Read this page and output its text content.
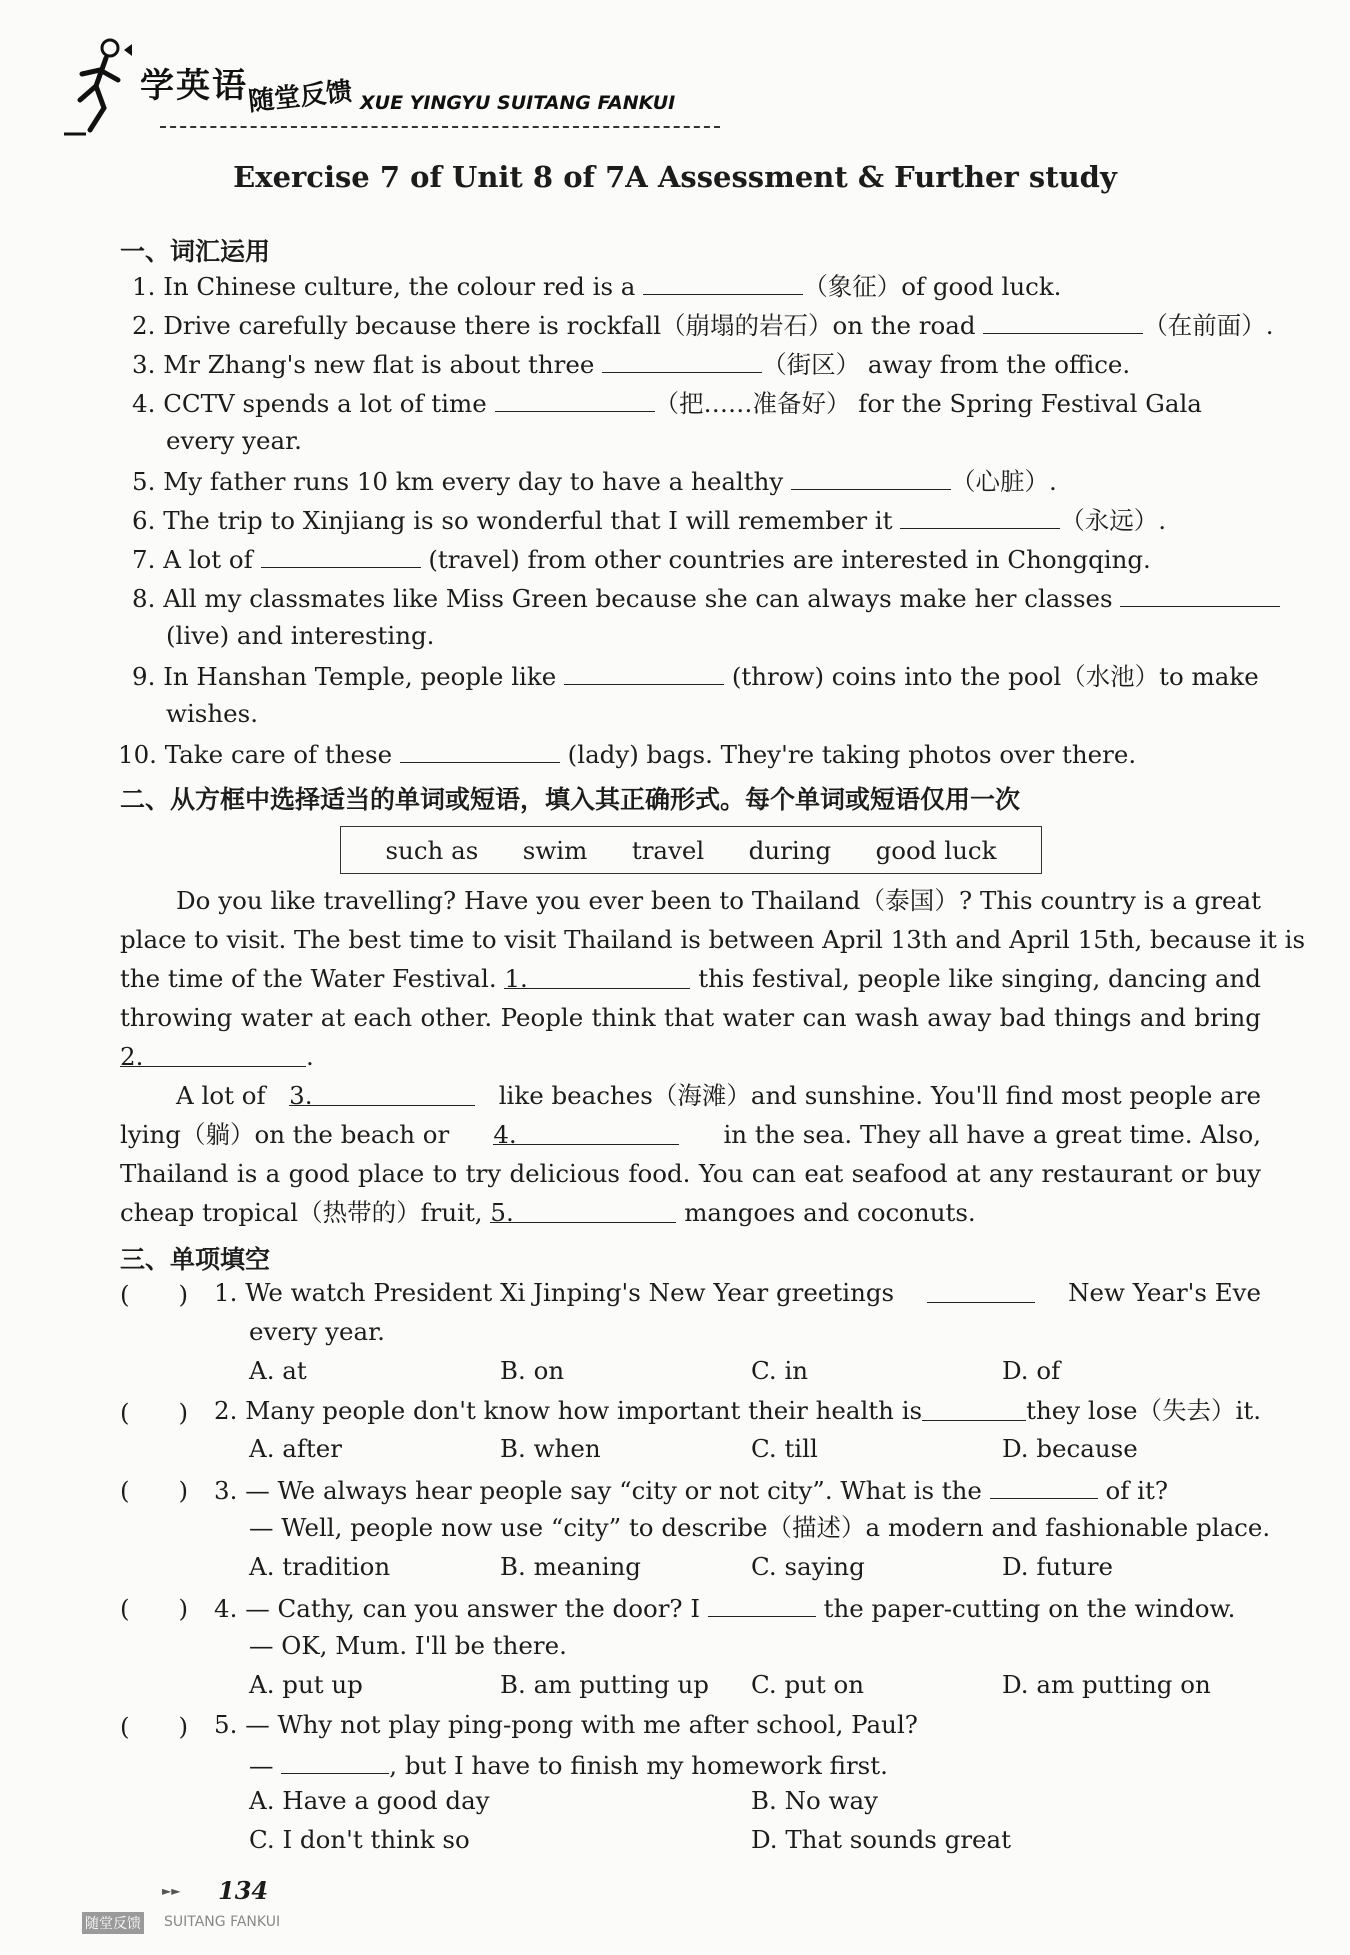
学英语
随堂反馈 XUE YINGYU SUITANG FANKUI
Exercise 7 of Unit 8 of 7A Assessment & Further study
一、词汇运用
1. In Chinese culture, the colour red is a	（象征）of good luck.
2. Drive carefully because there is rockfall（崩塌的岩石）on the road	（在前面）.
3. Mr Zhang's new flat is about three	（街区） away from the office.
4. CCTV spends a lot of time	（把……准备好） for the Spring Festival Gala
every year.
5. My father runs 10 km every day to have a healthy	（心脏）.
6. The trip to Xinjiang is so wonderful that I will remember it	（永远）.
7. A lot of	(travel) from other countries are interested in Chongqing.
8. All my classmates like Miss Green because she can always make her classes
(live) and interesting.
9. In Hanshan Temple, people like	(throw) coins into the pool（水池）to make
wishes.
10. Take care of these	(lady) bags. They're taking photos over there.
二、从方框中选择适当的单词或短语，填入其正确形式。每个单词或短语仅用一次
such as swim travel during good luck
Do you like travelling? Have you ever been to Thailand（泰国）? This country is a great
place to visit. The best time to visit Thailand is between April 13th and April 15th, because it is
the time of the Water Festival. 1.	this festival, people like singing, dancing and
throwing water at each other. People think that water can wash away bad things and bring
2.	.
A lot of 3.	like beaches（海滩）and sunshine. You'll find most people are
lying（躺）on the beach or 4.	in the sea. They all have a great time. Also,
Thailand is a good place to try delicious food. You can eat seafood at any restaurant or buy
cheap tropical（热带的）fruit, 5.	mangoes and coconuts.
三、单项填空
(　　) 1. We watch President Xi Jinping's New Year greetings	New Year's Eve
every year.
A. at	B. on	C. in	D. of
(　　) 2. Many people don't know how important their health is	they lose（失去）it.
A. after	B. when	C. till	D. because
(　　) 3. — We always hear people say “city or not city”. What is the	of it?
— Well, people now use “city” to describe（描述）a modern and fashionable place.
A. tradition	B. meaning	C. saying	D. future
(　　) 4. — Cathy, can you answer the door? I	the paper-cutting on the window.
— OK, Mum. I'll be there.
A. put up	B. am putting up C. put on	D. am putting on
(　　) 5. — Why not play ping-pong with me after school, Paul?
—	, but I have to finish my homework first.
A. Have a good day	B. No way
C. I don't think so	D. That sounds great
►► 134
随堂反馈 SUITANG FANKUI
